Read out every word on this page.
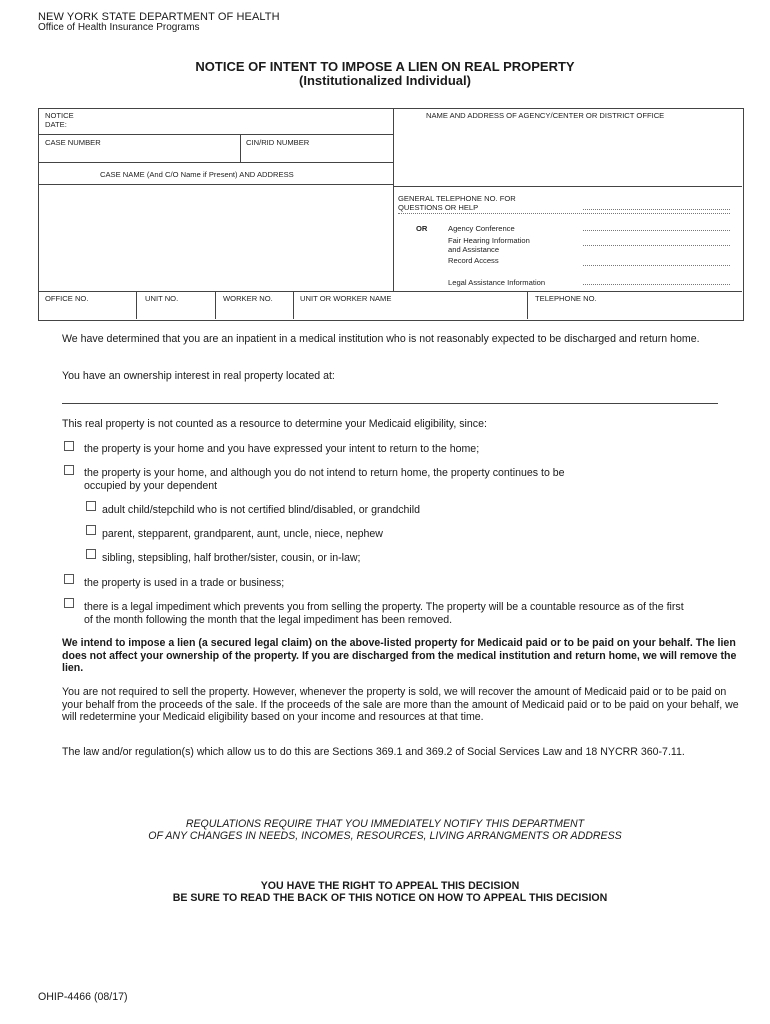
NEW YORK STATE DEPARTMENT OF HEALTH
Office of Health Insurance Programs
NOTICE OF INTENT TO IMPOSE A LIEN ON REAL PROPERTY
(Institutionalized Individual)
NOTICE
DATE:
NAME AND ADDRESS OF AGENCY/CENTER OR DISTRICT OFFICE
CASE NUMBER	CIN/RID NUMBER
CASE NAME (And C/O Name if Present) AND ADDRESS
GENERAL TELEPHONE NO. FOR
QUESTIONS OR HELP
OR	Agency Conference
Fair Hearing Information
and Assistance
Record Access
Legal Assistance Information
OFFICE NO.	UNIT NO.	WORKER NO.	UNIT OR WORKER NAME	TELEPHONE NO.
We have determined that you are an inpatient in a medical institution who is not reasonably expected to be discharged and return home.
You have an ownership interest in real property located at:
This real property is not counted as a resource to determine your Medicaid eligibility, since:
the property is your home and you have expressed your intent to return to the home;
the property is your home, and although you do not intend to return home, the property continues to be occupied by your dependent
adult child/stepchild who is not certified blind/disabled, or grandchild
parent, stepparent, grandparent, aunt, uncle, niece, nephew
sibling, stepsibling, half brother/sister, cousin, or in-law;
the property is used in a trade or business;
there is a legal impediment which prevents you from selling the property. The property will be a countable resource as of the first of the month following the month that the legal impediment has been removed.
We intend to impose a lien (a secured legal claim) on the above-listed property for Medicaid paid or to be paid on your behalf. The lien does not affect your ownership of the property. If you are discharged from the medical institution and return home, we will remove the lien.
You are not required to sell the property. However, whenever the property is sold, we will recover the amount of Medicaid paid or to be paid on your behalf from the proceeds of the sale. If the proceeds of the sale are more than the amount of Medicaid paid or to be paid on your behalf, we will redetermine your Medicaid eligibility based on your income and resources at that time.
The law and/or regulation(s) which allow us to do this are Sections 369.1 and 369.2 of Social Services Law and 18 NYCRR 360-7.11.
REQULATIONS REQUIRE THAT YOU IMMEDIATELY NOTIFY THIS DEPARTMENT
OF ANY CHANGES IN NEEDS, INCOMES, RESOURCES, LIVING ARRANGMENTS OR ADDRESS
YOU HAVE THE RIGHT TO APPEAL THIS DECISION
BE SURE TO READ THE BACK OF THIS NOTICE ON HOW TO APPEAL THIS DECISION
OHIP-4466 (08/17)
